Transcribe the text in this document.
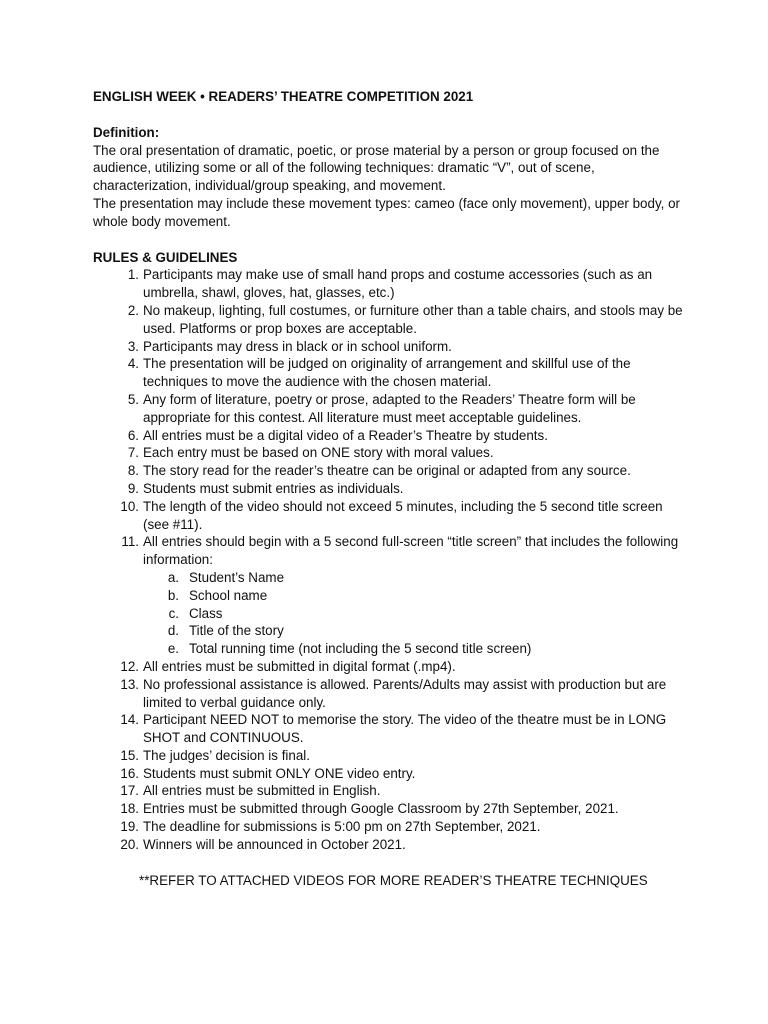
ENGLISH WEEK • READERS’ THEATRE COMPETITION 2021

Definition:

The oral presentation of dramatic, poetic, or prose material by a person or group focused on the audience, utilizing some or all of the following techniques: dramatic “V”, out of scene, characterization, individual/group speaking, and movement.

The presentation may include these movement types: cameo (face only movement), upper body, or whole body movement.

RULES & GUIDELINES

1. Participants may make use of small hand props and costume accessories (such as an umbrella, shawl, gloves, hat, glasses, etc.)
2. No makeup, lighting, full costumes, or furniture other than a table chairs, and stools may be used. Platforms or prop boxes are acceptable.
3. Participants may dress in black or in school uniform.
4. The presentation will be judged on originality of arrangement and skillful use of the techniques to move the audience with the chosen material.
5. Any form of literature, poetry or prose, adapted to the Readers’ Theatre form will be appropriate for this contest. All literature must meet acceptable guidelines.
6. All entries must be a digital video of a Reader’s Theatre by students.
7. Each entry must be based on ONE story with moral values.
8. The story read for the reader’s theatre can be original or adapted from any source.
9. Students must submit entries as individuals.
10. The length of the video should not exceed 5 minutes, including the 5 second title screen (see #11).
11. All entries should begin with a 5 second full-screen “title screen” that includes the following information:
a. Student’s Name
b. School name
c. Class
d. Title of the story
e. Total running time (not including the 5 second title screen)
12. All entries must be submitted in digital format (.mp4).
13. No professional assistance is allowed. Parents/Adults may assist with production but are limited to verbal guidance only.
14. Participant NEED NOT to memorise the story. The video of the theatre must be in LONG SHOT and CONTINUOUS.
15. The judges’ decision is final.
16. Students must submit ONLY ONE video entry.
17. All entries must be submitted in English.
18. Entries must be submitted through Google Classroom by 27th September, 2021.
19. The deadline for submissions is 5:00 pm on 27th September, 2021.
20. Winners will be announced in October 2021.

**REFER TO ATTACHED VIDEOS FOR MORE READER’S THEATRE TECHNIQUES
